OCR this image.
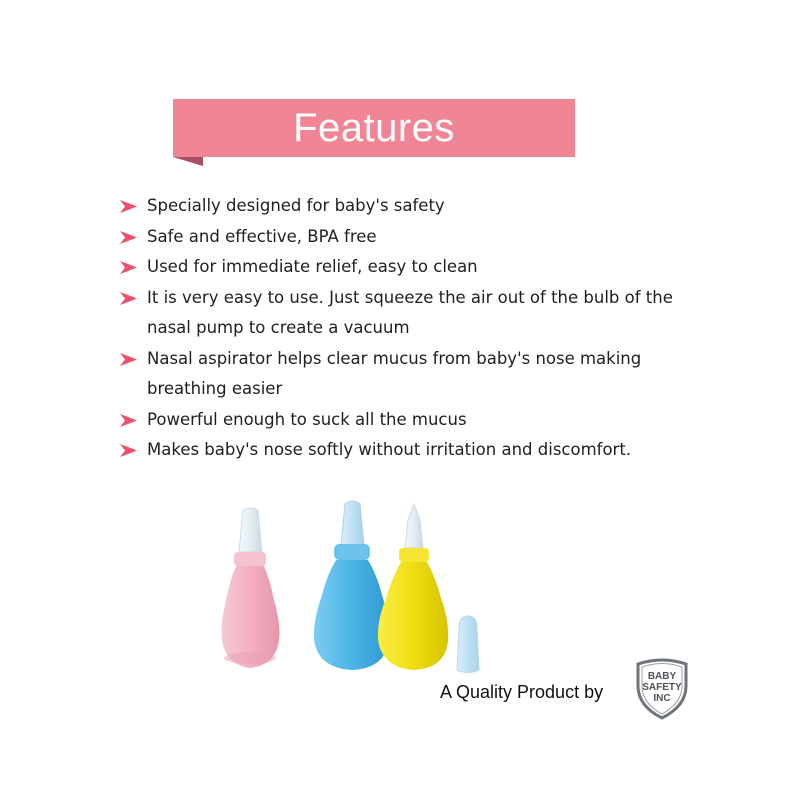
Features
Specially designed for baby's safety
Safe and effective, BPA free
Used for immediate relief, easy to clean
It is very easy to use. Just squeeze the air out of the bulb of the nasal pump to create a vacuum
Nasal aspirator helps clear mucus from baby's nose making breathing easier
Powerful enough to suck all the mucus
Makes baby's nose softly without irritation and discomfort.
A Quality Product by
BABY
SAFETY
INC
